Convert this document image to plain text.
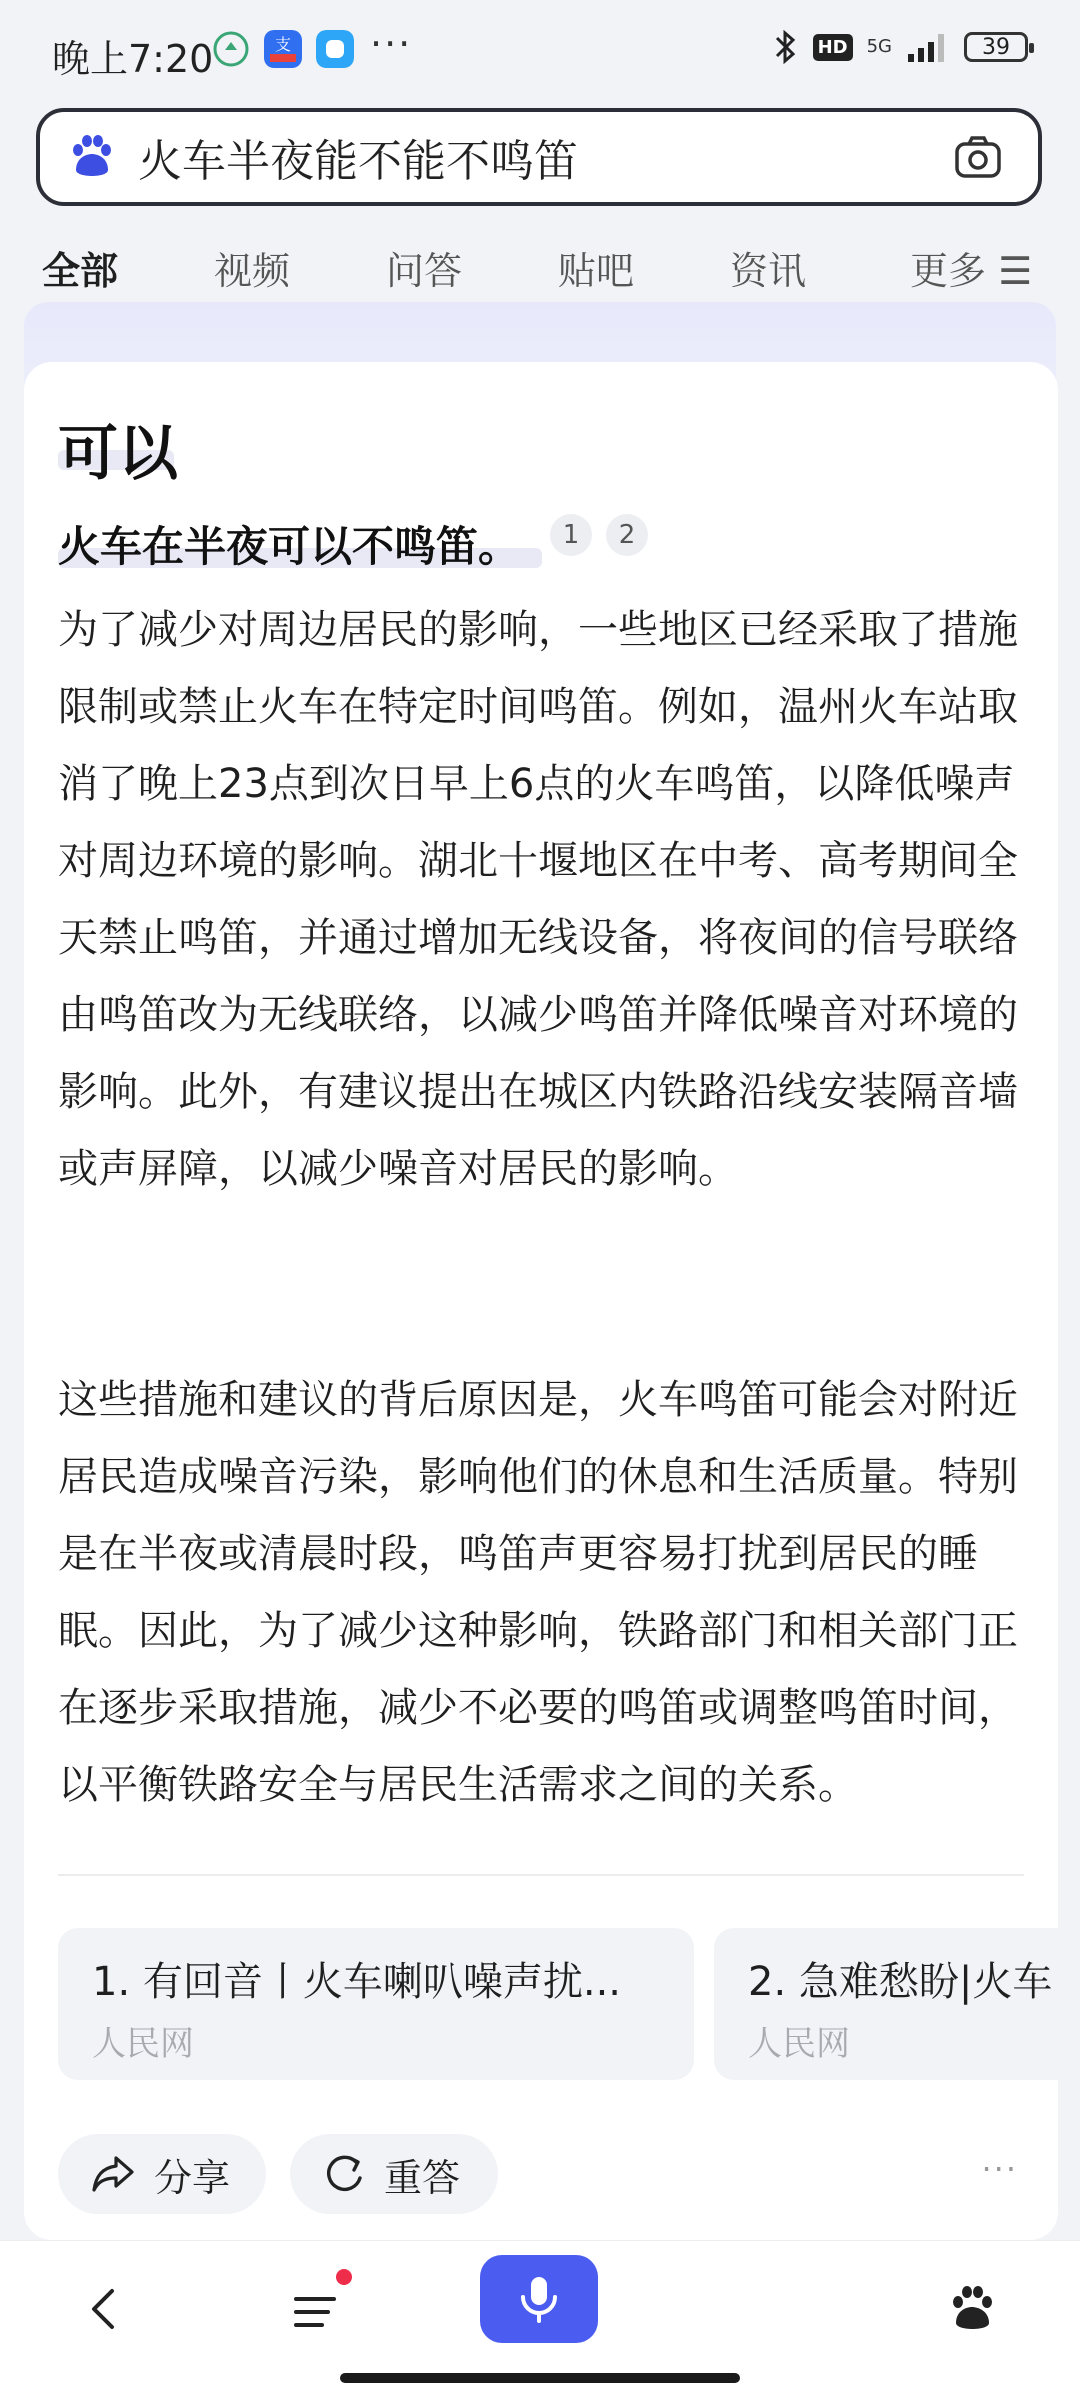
晚上7:20	支 ···	HD 5G	39
火车半夜能不能不鸣笛
全部	视频	问答	贴吧	资讯	更多 ☰
可以
火车在半夜可以不鸣笛。	1	2
为了减少对周边居民的影响，一些地区已经采取了措施限制或禁止火车在特定时间鸣笛。例如，温州火车站取消了晚上23点到次日早上6点的火车鸣笛，以降低噪声对周边环境的影响。湖北十堰地区在中考、高考期间全天禁止鸣笛，并通过增加无线设备，将夜间的信号联络由鸣笛改为无线联络，以减少鸣笛并降低噪音对环境的影响。此外，有建议提出在城区内铁路沿线安装隔音墙或声屏障，以减少噪音对居民的影响。
这些措施和建议的背后原因是，火车鸣笛可能会对附近居民造成噪音污染，影响他们的休息和生活质量。特别是在半夜或清晨时段，鸣笛声更容易打扰到居民的睡眠。因此，为了减少这种影响，铁路部门和相关部门正在逐步采取措施，减少不必要的鸣笛或调整鸣笛时间，以平衡铁路安全与居民生活需求之间的关系。
1. 有回音丨火车喇叭噪声扰...
人民网
2. 急难愁盼|火车
人民网
分享	重答	···
